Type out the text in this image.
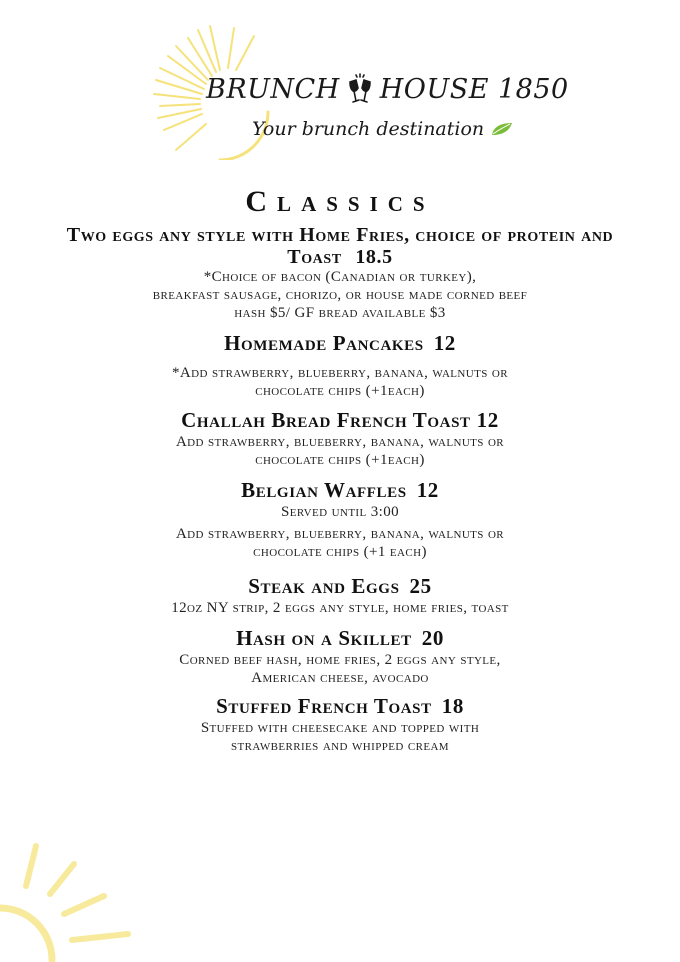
BRUNCH HOUSE 1850
Your brunch destination
Classics

Two eggs any style with Home Fries, choice of protein and
Toast 18.5

*Choice of bacon (Canadian or turkey),
breakfast sausage, chorizo, or house made corned beef
hash $5/ GF bread available $3

Homemade Pancakes 12

*Add strawberry, blueberry, banana, walnuts or
chocolate chips (+1each)

Challah Bread French Toast 12

Add strawberry, blueberry, banana, walnuts or
chocolate chips (+1each)

Belgian Waffles 12

Served until 3:00

Add strawberry, blueberry, banana, walnuts or
chocolate chips (+1 each)

Steak and Eggs 25

12oz NY strip, 2 eggs any style, home fries, toast

Hash on a Skillet 20

Corned beef hash, home fries, 2 eggs any style,
American cheese, avocado

Stuffed French Toast 18

Stuffed with cheesecake and topped with
strawberries and whipped cream
